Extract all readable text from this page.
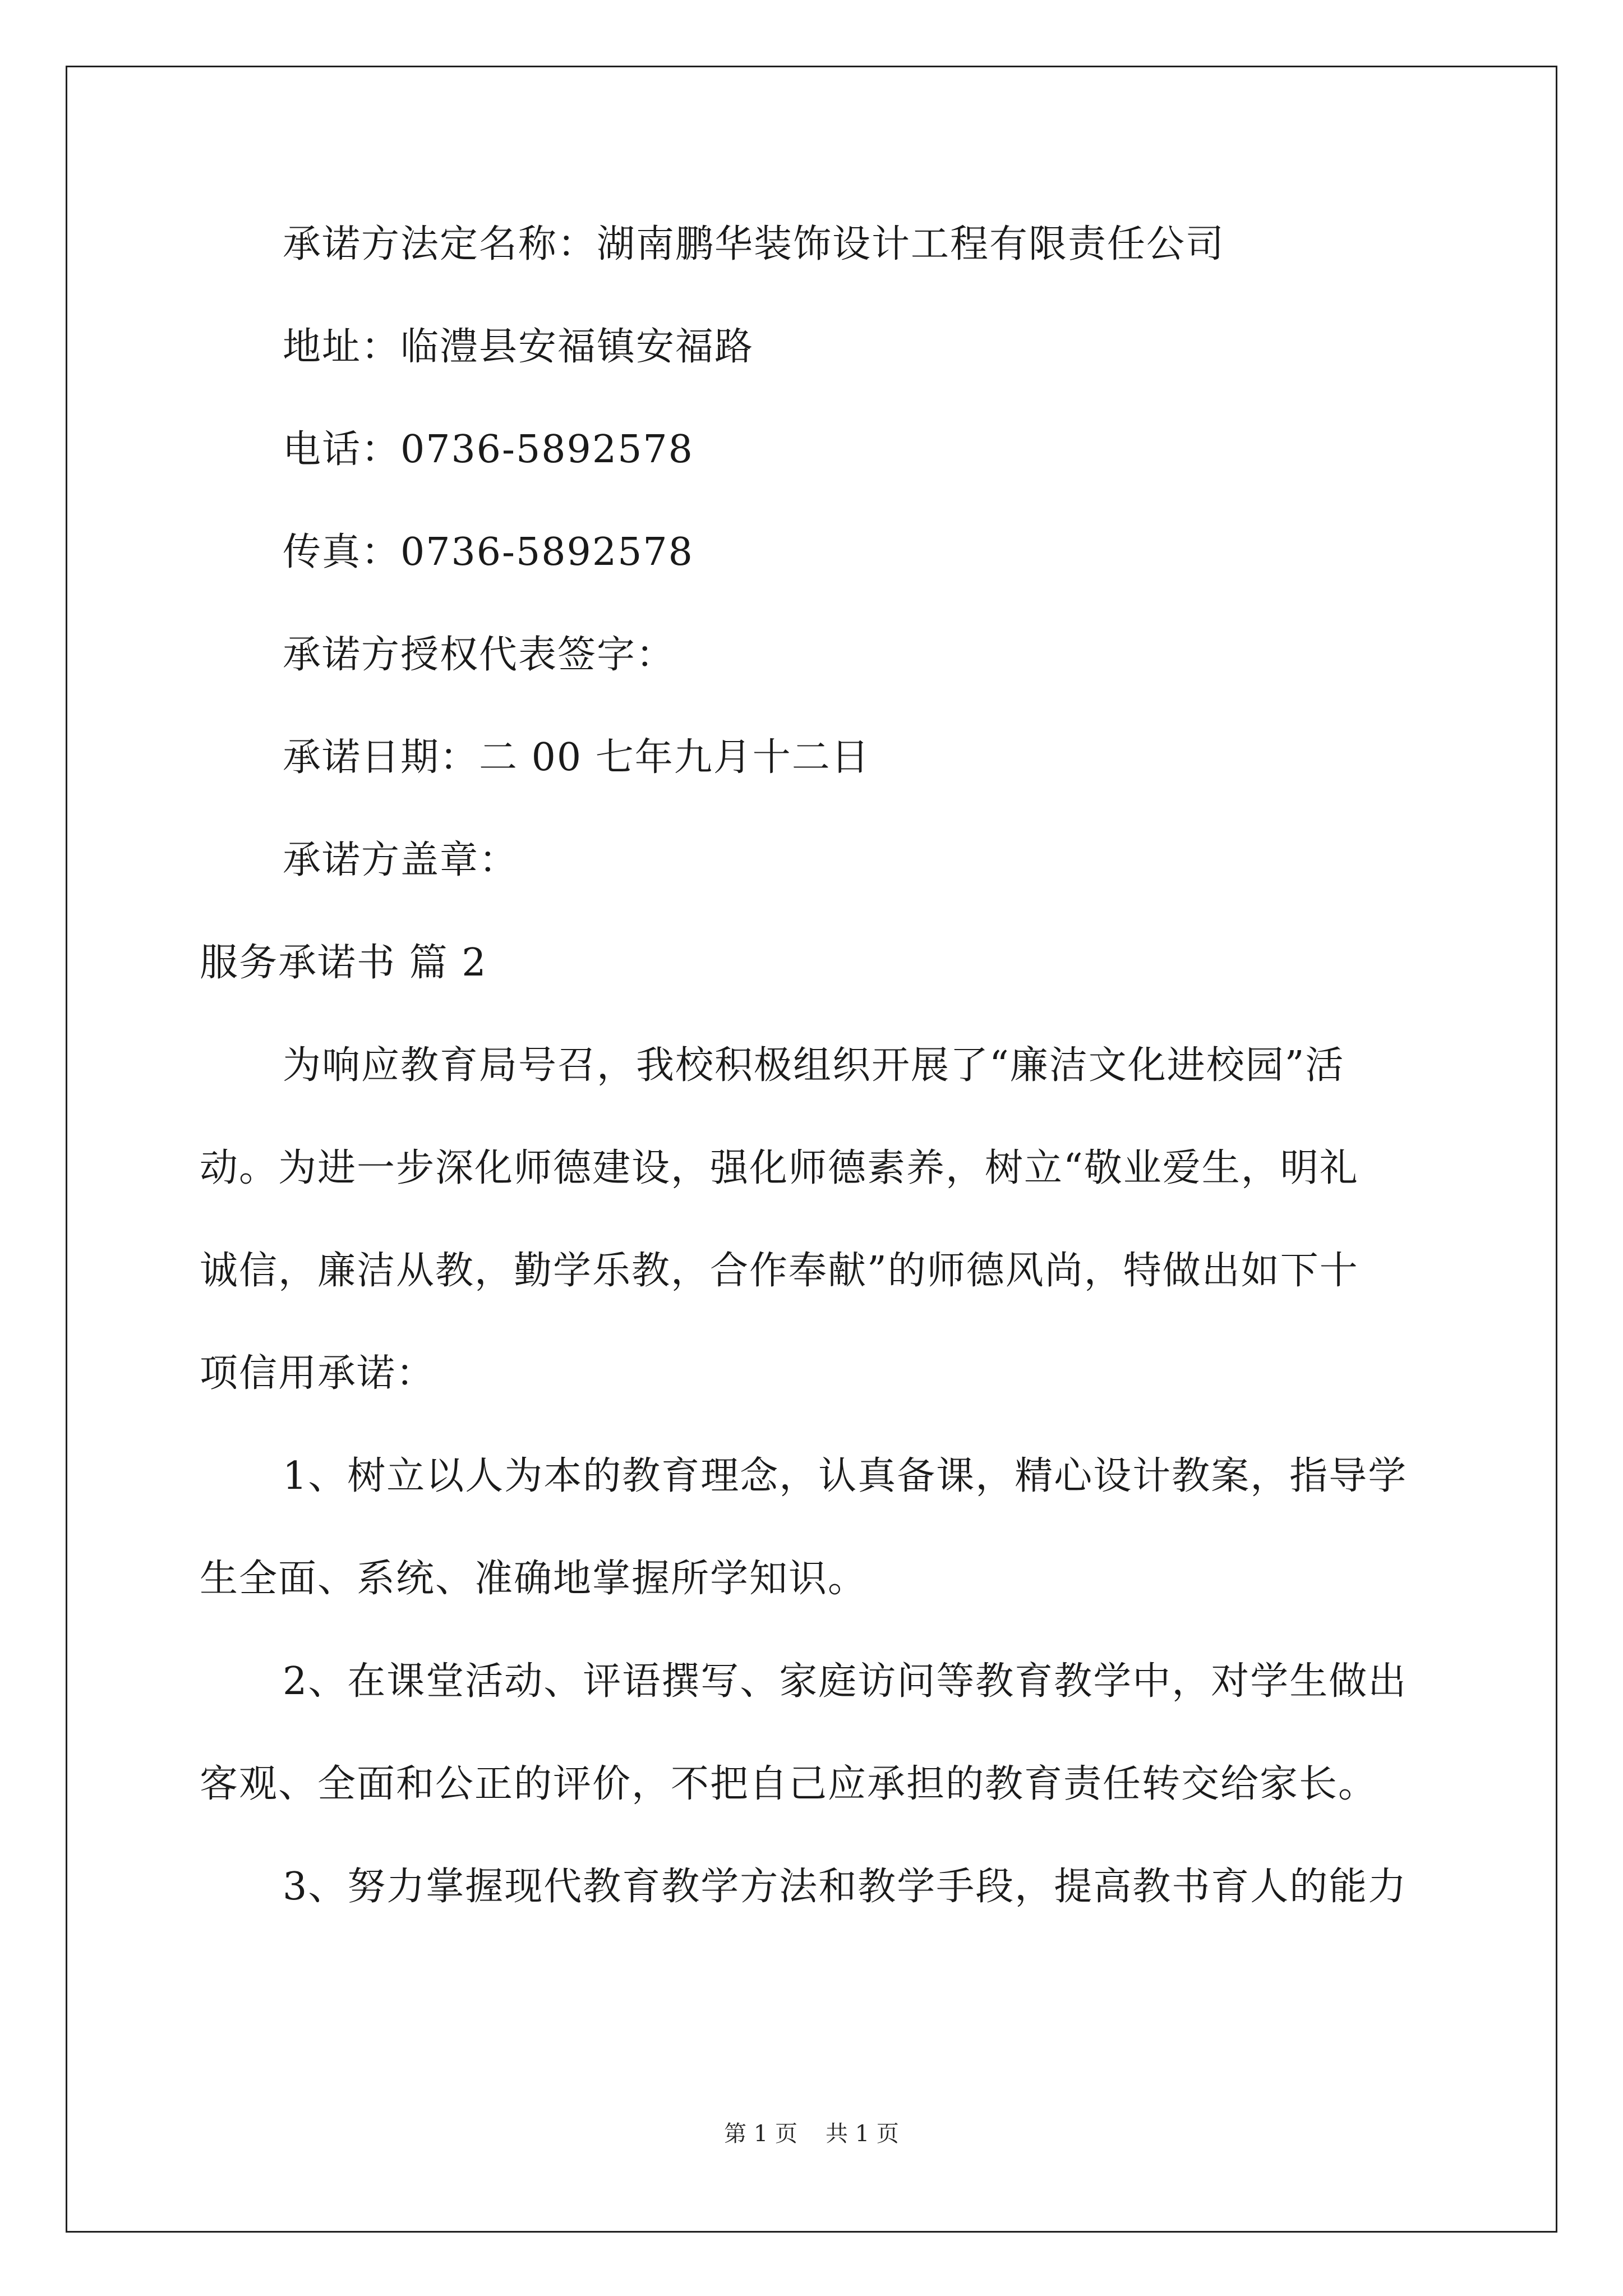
承诺方法定名称：湖南鹏华装饰设计工程有限责任公司
地址：临澧县安福镇安福路
电话：0736-5892578
传真：0736-5892578
承诺方授权代表签字：
承诺日期：二 00 七年九月十二日
承诺方盖章：
服务承诺书 篇 2

为响应教育局号召，我校积极组织开展了“廉洁文化进校园”活

动。为进一步深化师德建设，强化师德素养，树立“敬业爱生，明礼

诚信，廉洁从教，勤学乐教，合作奉献”的师德风尚，特做出如下十

项信用承诺：

1、树立以人为本的教育理念，认真备课，精心设计教案，指导学

生全面、系统、准确地掌握所学知识。

2、在课堂活动、评语撰写、家庭访问等教育教学中，对学生做出

客观、全面和公正的评价，不把自己应承担的教育责任转交给家长。

3、努力掌握现代教育教学方法和教学手段，提高教书育人的能力

第 1 页 共 1 页
